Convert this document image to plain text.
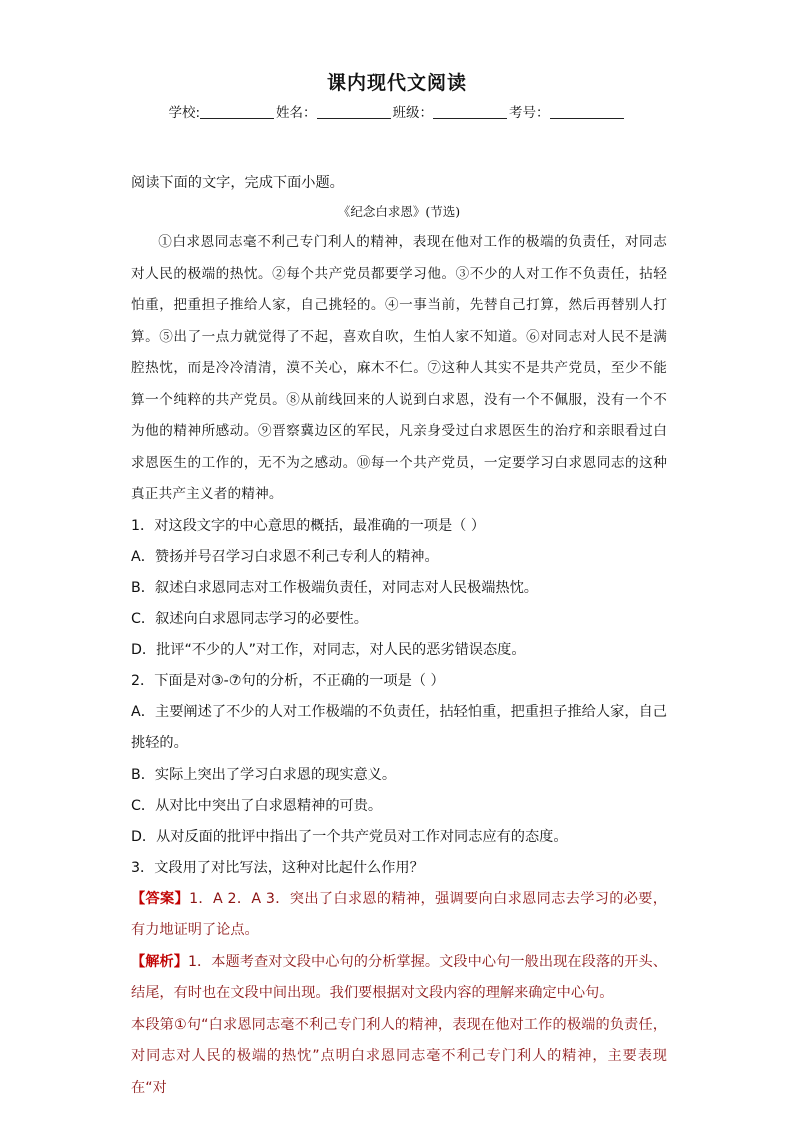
课内现代文阅读
学校:	姓名：	班级：	考号：
阅读下面的文字，完成下面小题。
《纪念白求恩》(节选)

①白求恩同志毫不利己专门利人的精神，表现在他对工作的极端的负责任，对同志对人民的极端的热忱。②每个共产党员都要学习他。③不少的人对工作不负责任，拈轻怕重，把重担子推给人家，自己挑轻的。④一事当前，先替自己打算，然后再替别人打算。⑤出了一点力就觉得了不起，喜欢自吹，生怕人家不知道。⑥对同志对人民不是满腔热忱，而是冷冷清清，漠不关心，麻木不仁。⑦这种人其实不是共产党员，至少不能算一个纯粹的共产党员。⑧从前线回来的人说到白求恩，没有一个不佩服，没有一个不为他的精神所感动。⑨晋察冀边区的军民，凡亲身受过白求恩医生的治疗和亲眼看过白求恩医生的工作的，无不为之感动。⑩每一个共产党员，一定要学习白求恩同志的这种真正共产主义者的精神。

1．对这段文字的中心意思的概括，最准确的一项是（ ）
A．赞扬并号召学习白求恩不利己专利人的精神。
B．叙述白求恩同志对工作极端负责任，对同志对人民极端热忱。
C．叙述向白求恩同志学习的必要性。
D．批评“不少的人”对工作，对同志，对人民的恶劣错误态度。
2．下面是对③-⑦句的分析，不正确的一项是（ ）

A．主要阐述了不少的人对工作极端的不负责任，拈轻怕重，把重担子推给人家，自己挑轻的。

B．实际上突出了学习白求恩的现实意义。
C．从对比中突出了白求恩精神的可贵。
D．从对反面的批评中指出了一个共产党员对工作对同志应有的态度。
3．文段用了对比写法，这种对比起什么作用？

【答案】1．A 2．A 3．突出了白求恩的精神，强调要向白求恩同志去学习的必要，有力地证明了论点。

【解析】1．本题考查对文段中心句的分析掌握。文段中心句一般出现在段落的开头、结尾，有时也在文段中间出现。我们要根据对文段内容的理解来确定中心句。

本段第①句“白求恩同志毫不利己专门利人的精神，表现在他对工作的极端的负责任，对同志对人民的极端的热忱”点明白求恩同志毫不利己专门利人的精神，主要表现在“对
